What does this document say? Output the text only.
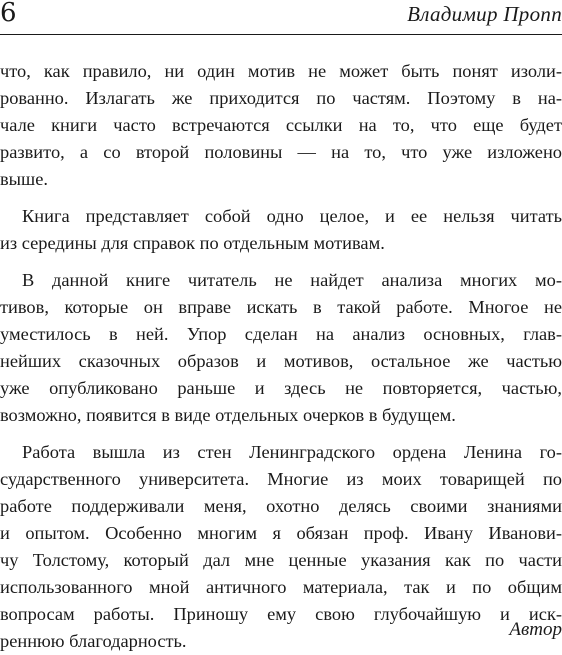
6	Владимир Пропп
что, как правило, ни один мотив не может быть понят изоли-
рованно. Излагать же приходится по частям. Поэтому в на-
чале книги часто встречаются ссылки на то, что еще будет
развито, а со второй половины — на то, что уже изложено
выше.
Книга представляет собой одно целое, и ее нельзя читать
из середины для справок по отдельным мотивам.
В данной книге читатель не найдет анализа многих мо-
тивов, которые он вправе искать в такой работе. Многое не
уместилось в ней. Упор сделан на анализ основных, глав-
нейших сказочных образов и мотивов, остальное же частью
уже опубликовано раньше и здесь не повторяется, частью,
возможно, появится в виде отдельных очерков в будущем.
Работа вышла из стен Ленинградского ордена Ленина го-
сударственного университета. Многие из моих товарищей по
работе поддерживали меня, охотно делясь своими знаниями
и опытом. Особенно многим я обязан проф. Ивану Иванови-
чу Толстому, который дал мне ценные указания как по части
использованного мной античного материала, так и по общим
вопросам работы. Приношу ему свою глубочайшую и иск-
реннюю благодарность.
Автор
